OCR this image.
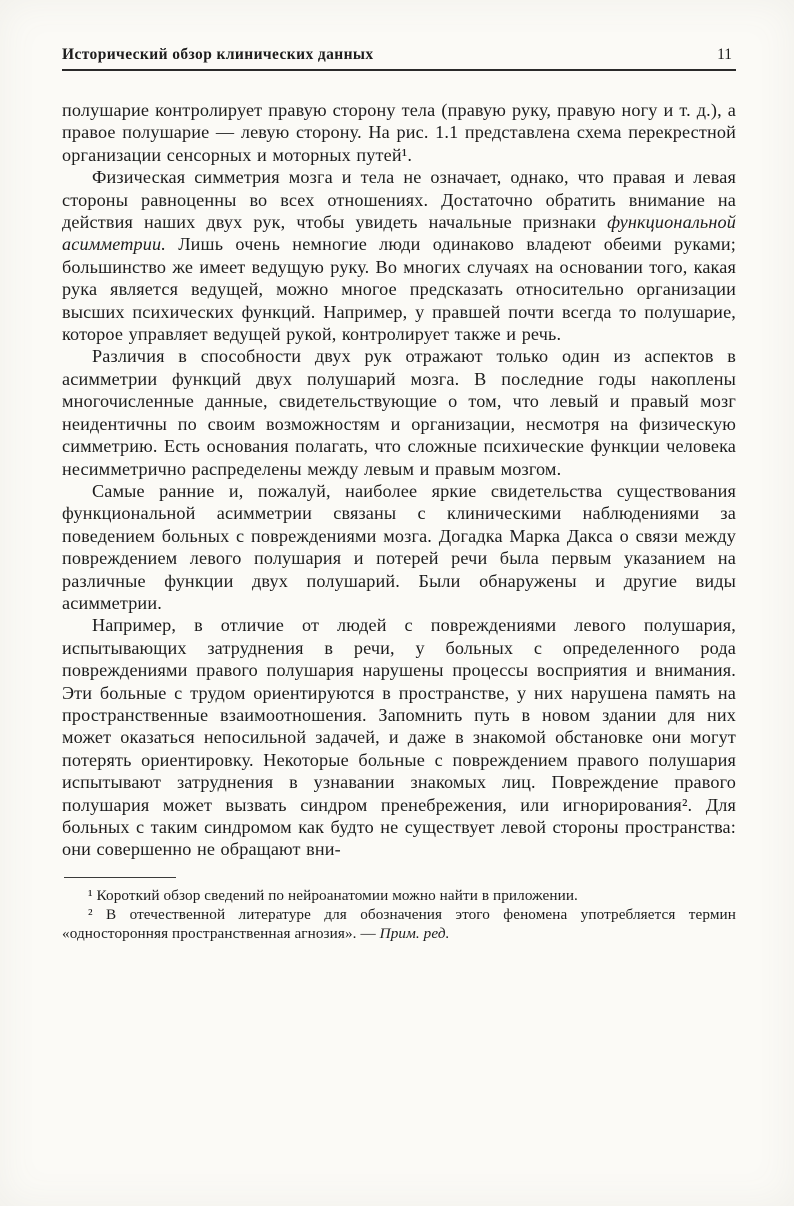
Исторический обзор клинических данных	11

полушарие контролирует правую сторону тела (правую руку, правую ногу и т. д.), а правое полушарие — левую сторону. На рис. 1.1 представлена схема перекрестной организации сенсорных и моторных путей¹.

Физическая симметрия мозга и тела не означает, однако, что правая и левая стороны равноценны во всех отношениях. Достаточно обратить внимание на действия наших двух рук, чтобы увидеть начальные признаки функциональной асимметрии. Лишь очень немногие люди одинаково владеют обеими руками; большинство же имеет ведущую руку. Во многих случаях на основании того, какая рука является ведущей, можно многое предсказать относительно организации высших психических функций. Например, у правшей почти всегда то полушарие, которое управляет ведущей рукой, контролирует также и речь.

Различия в способности двух рук отражают только один из аспектов в асимметрии функций двух полушарий мозга. В последние годы накоплены многочисленные данные, свидетельствующие о том, что левый и правый мозг неидентичны по своим возможностям и организации, несмотря на физическую симметрию. Есть основания полагать, что сложные психические функции человека несимметрично распределены между левым и правым мозгом.

Самые ранние и, пожалуй, наиболее яркие свидетельства существования функциональной асимметрии связаны с клиническими наблюдениями за поведением больных с повреждениями мозга. Догадка Марка Дакса о связи между повреждением левого полушария и потерей речи была первым указанием на различные функции двух полушарий. Были обнаружены и другие виды асимметрии.

Например, в отличие от людей с повреждениями левого полушария, испытывающих затруднения в речи, у больных с определенного рода повреждениями правого полушария нарушены процессы восприятия и внимания. Эти больные с трудом ориентируются в пространстве, у них нарушена память на пространственные взаимоотношения. Запомнить путь в новом здании для них может оказаться непосильной задачей, и даже в знакомой обстановке они могут потерять ориентировку. Некоторые больные с повреждением правого полушария испытывают затруднения в узнавании знакомых лиц. Повреждение правого полушария может вызвать синдром пренебрежения, или игнорирования². Для больных с таким синдромом как будто не существует левой стороны пространства: они совершенно не обращают вни-

¹ Короткий обзор сведений по нейроанатомии можно найти в приложении.

² В отечественной литературе для обозначения этого феномена употребляется термин «односторонняя пространственная агнозия». — Прим. ред.
